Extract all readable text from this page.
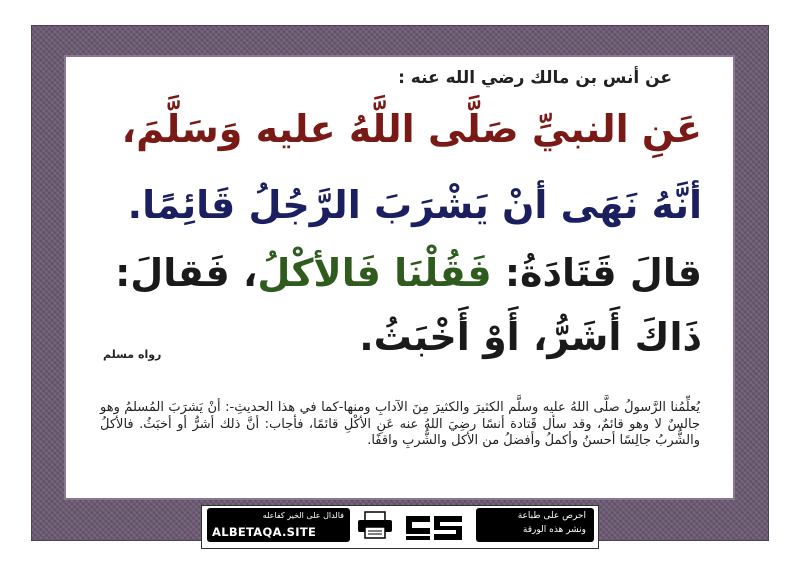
عن أنس بن مالك رضي الله عنه :
عَنِ النبيِّ صَلَّى اللَّهُ عليه وَسَلَّمَ،
أنَّهُ نَهَى أنْ يَشْرَبَ الرَّجُلُ قَائِمًا.
قالَ قَتَادَةُ: فَقُلْنَا فَالأكْلُ، فَقالَ:
ذَاكَ أَشَرُّ، أَوْ أَخْبَثُ.
رواه مسلم
يُعلِّمُنا الرَّسولُ صلَّى اللهُ عليه وسلَّم الكثيرَ والكثيرَ مِنَ الآدابِ ومنها-كما في هذا الحديثِ-: أنْ يَشرَبَ المُسلمُ وهو جالسٌ لا وهو قائمٌ، وقد سأل قَتادة أنسًا رضِيَ اللهُ عنه عَنِ الأكْلِ قائمًا، فأجاب: أنَّ ذلك أشرُّ أو أخبَثُ. فالأكلُ والشُّربُ جالِسًا أحسنُ وأكملُ وأفضلُ من الأكل والشُّربِ واقفًا.
فالدال على الخير كفاعله
ALBETAQA.SITE
احرص على طباعة
ونشر هذه الورقة
